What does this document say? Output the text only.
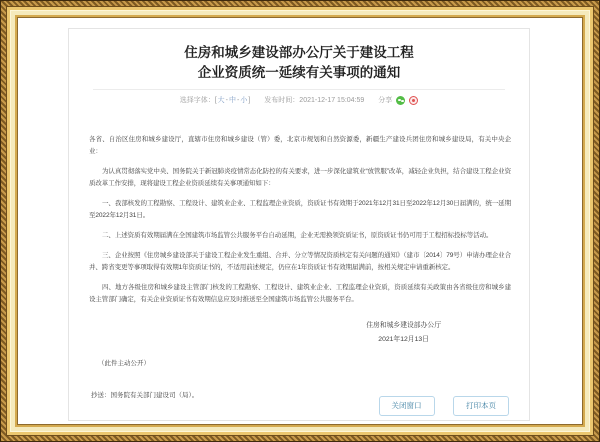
住房和城乡建设部办公厅关于建设工程
企业资质统一延续有关事项的通知
选择字体： [ 大 - 中 - 小 ] 发布时间： 2021-12-17 15:04:59 分享

各省、自治区住房和城乡建设厅，直辖市住房和城乡建设（管）委，北京市规划和自然资源委，新疆生产建设兵团住房和城乡建设局，有关中央企业：

为认真贯彻落实党中央、国务院关于新冠肺炎疫情常态化防控的有关要求，进一步深化建筑业“放管服”改革，减轻企业负担，结合建设工程企业资质改革工作安排，现将建设工程企业资质延续有关事项通知如下：

一、我部核发的工程勘察、工程设计、建筑业企业、工程监理企业资质，资质证书有效期于2021年12月31日至2022年12月30日届满的，统一延期至2022年12月31日。

二、上述资质有效期届满在全国建筑市场监管公共服务平台自动延期，企业无需换领资质证书，原资质证书仍可用于工程招标投标等活动。

三、企业按照《住房城乡建设部关于建设工程企业发生重组、合并、分立等情况资质核定有关问题的通知》（建市〔2014〕79号）申请办理企业合并、跨省变更等事项取得有效期1年资质证书的，不适用前述规定，仍应在1年资质证书有效期届满前，按相关规定申请重新核定。

四、地方各级住房和城乡建设主管部门核发的工程勘察、工程设计、建筑业企业、工程监理企业资质，资质延续有关政策由各省级住房和城乡建设主管部门确定，有关企业资质证书有效期信息应及时推送至全国建筑市场监管公共服务平台。

住房和城乡建设部办公厅
2021年12月13日
（此件主动公开）
抄送：国务院有关部门建设司（局）。
关闭窗口	打印本页
